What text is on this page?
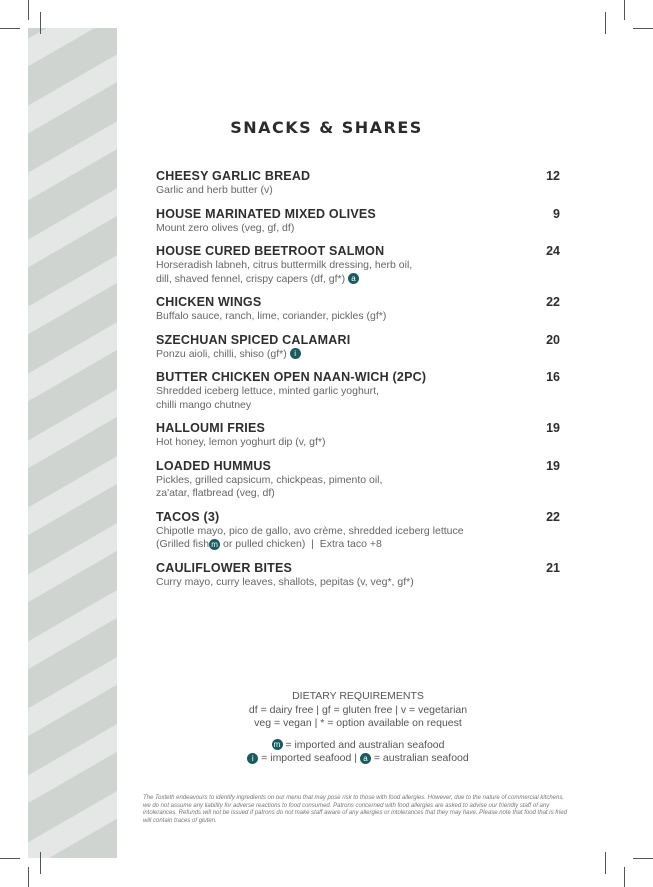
SNACKS & SHARES
CHEESY GARLIC BREAD	12
Garlic and herb butter (v)
HOUSE MARINATED MIXED OLIVES	9
Mount zero olives (veg, gf, df)
HOUSE CURED BEETROOT SALMON	24
Horseradish labneh, citrus buttermilk dressing, herb oil,
dill, shaved fennel, crispy capers (df, gf*) a
CHICKEN WINGS	22
Buffalo sauce, ranch, lime, coriander, pickles (gf*)
SZECHUAN SPICED CALAMARI	20
Ponzu aioli, chilli, shiso (gf*) i
BUTTER CHICKEN OPEN NAAN-WICH (2PC)	16
Shredded iceberg lettuce, minted garlic yoghurt,
chilli mango chutney
HALLOUMI FRIES	19
Hot honey, lemon yoghurt dip (v, gf*)
LOADED HUMMUS	19
Pickles, grilled capsicum, chickpeas, pimento oil,
za'atar, flatbread (veg, df)
TACOS (3)	22
Chipotle mayo, pico de gallo, avo crème, shredded iceberg lettuce
(Grilled fish m or pulled chicken)  |  Extra taco +8
CAULIFLOWER BITES	21
Curry mayo, curry leaves, shallots, pepitas (v, veg*, gf*)
DIETARY REQUIREMENTS
df = dairy free | gf = gluten free | v = vegetarian
veg = vegan | * = option available on request
m = imported and australian seafood
i = imported seafood | a = australian seafood
The Toxteth endeavours to identify ingredients on our menu that may pose risk to those with food allergies. However, due to the nature of commercial kitchens, we do not assume any liability for adverse reactions to food consumed. Patrons concerned with food allergies are asked to advise our friendly staff of any intolerances. Refunds will not be issued if patrons do not make staff aware of any allergies or intolerances that they may have. Please note that food that is fried will contain traces of gluten.
